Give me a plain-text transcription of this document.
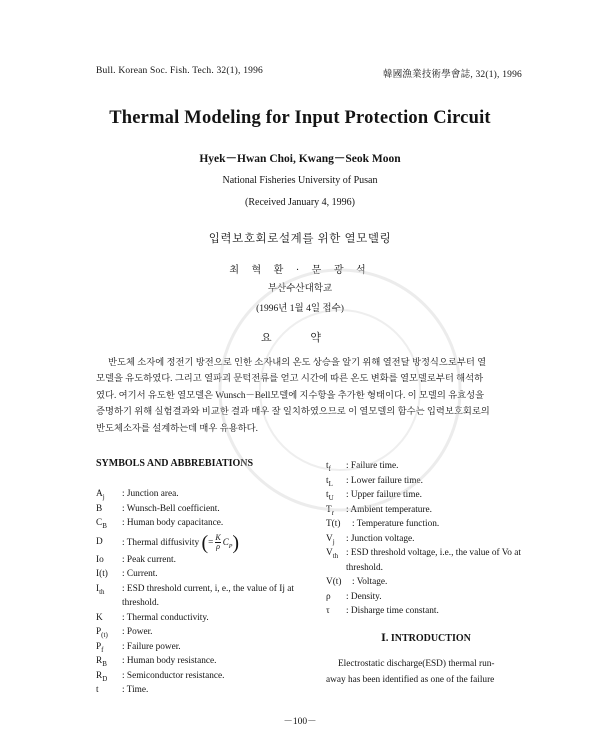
Bull. Korean Soc. Fish. Tech. 32(1), 1996	韓國漁業技術學會誌, 32(1), 1996
Thermal Modeling for Input Protection Circuit
Hyek－Hwan Choi, Kwang－Seok Moon
National Fisheries University of Pusan
(Received January 4, 1996)
입력보호회로설계를 위한 열모델링
최 혁 환 · 문 광 석
부산수산대학교
(1996년 1월 4일 접수)
요 약
반도체 소자에 정전기 방전으로 인한 소자내의 온도 상승을 알기 위해 열전달 방정식으로부터 열
모델을 유도하였다. 그리고 열파괴 문턱전류를 얻고 시간에 따른 온도 변화를 열모델로부터 해석하
였다. 여기서 유도한 열모델은 Wunsch－Bell모델에 지수항을 추가한 형태이다. 이 모델의 유효성을
증명하기 위해 실험결과와 비교한 결과 매우 잘 일치하였으므로 이 열모델의 함수는 입력보호회로의
반도체소자를 설계하는데 매우 유용하다.
SYMBOLS AND ABBREBIATIONS
$A_j$	: Junction area.
B	: Wunsch-Bell coefficient.
$C_B$	: Human body capacitance.
D	: Thermal diffusivity (= $\frac{K}{\rho} C_P$)
Io	: Peak current.
I(t)	: Current.
$I_{th}$	: ESD threshold current, i, e., the value of Ij at threshold.
K	: Thermal conductivity.
$P_{(t)}$	: Power.
$P_f$	: Failure power.
$R_B$	: Human body resistance.
$R_D$	: Semiconductor resistance.
t	: Time.
$t_f$	: Failure time.
$t_L$	: Lower failure time.
$t_U$	: Upper failure time.
$T_r$	: Ambient temperature.
T(t)	: Temperature function.
$V_j$	: Junction voltage.
$V_{th}$ : ESD threshold voltage, i.e., the value of Vo at threshold.
V(t)	: Voltage.
ρ	: Density.
τ	: Disharge time constant.
Ⅰ. INTRODUCTION
Electrostatic discharge(ESD) thermal run-
away has been identified as one of the failure
－100－
